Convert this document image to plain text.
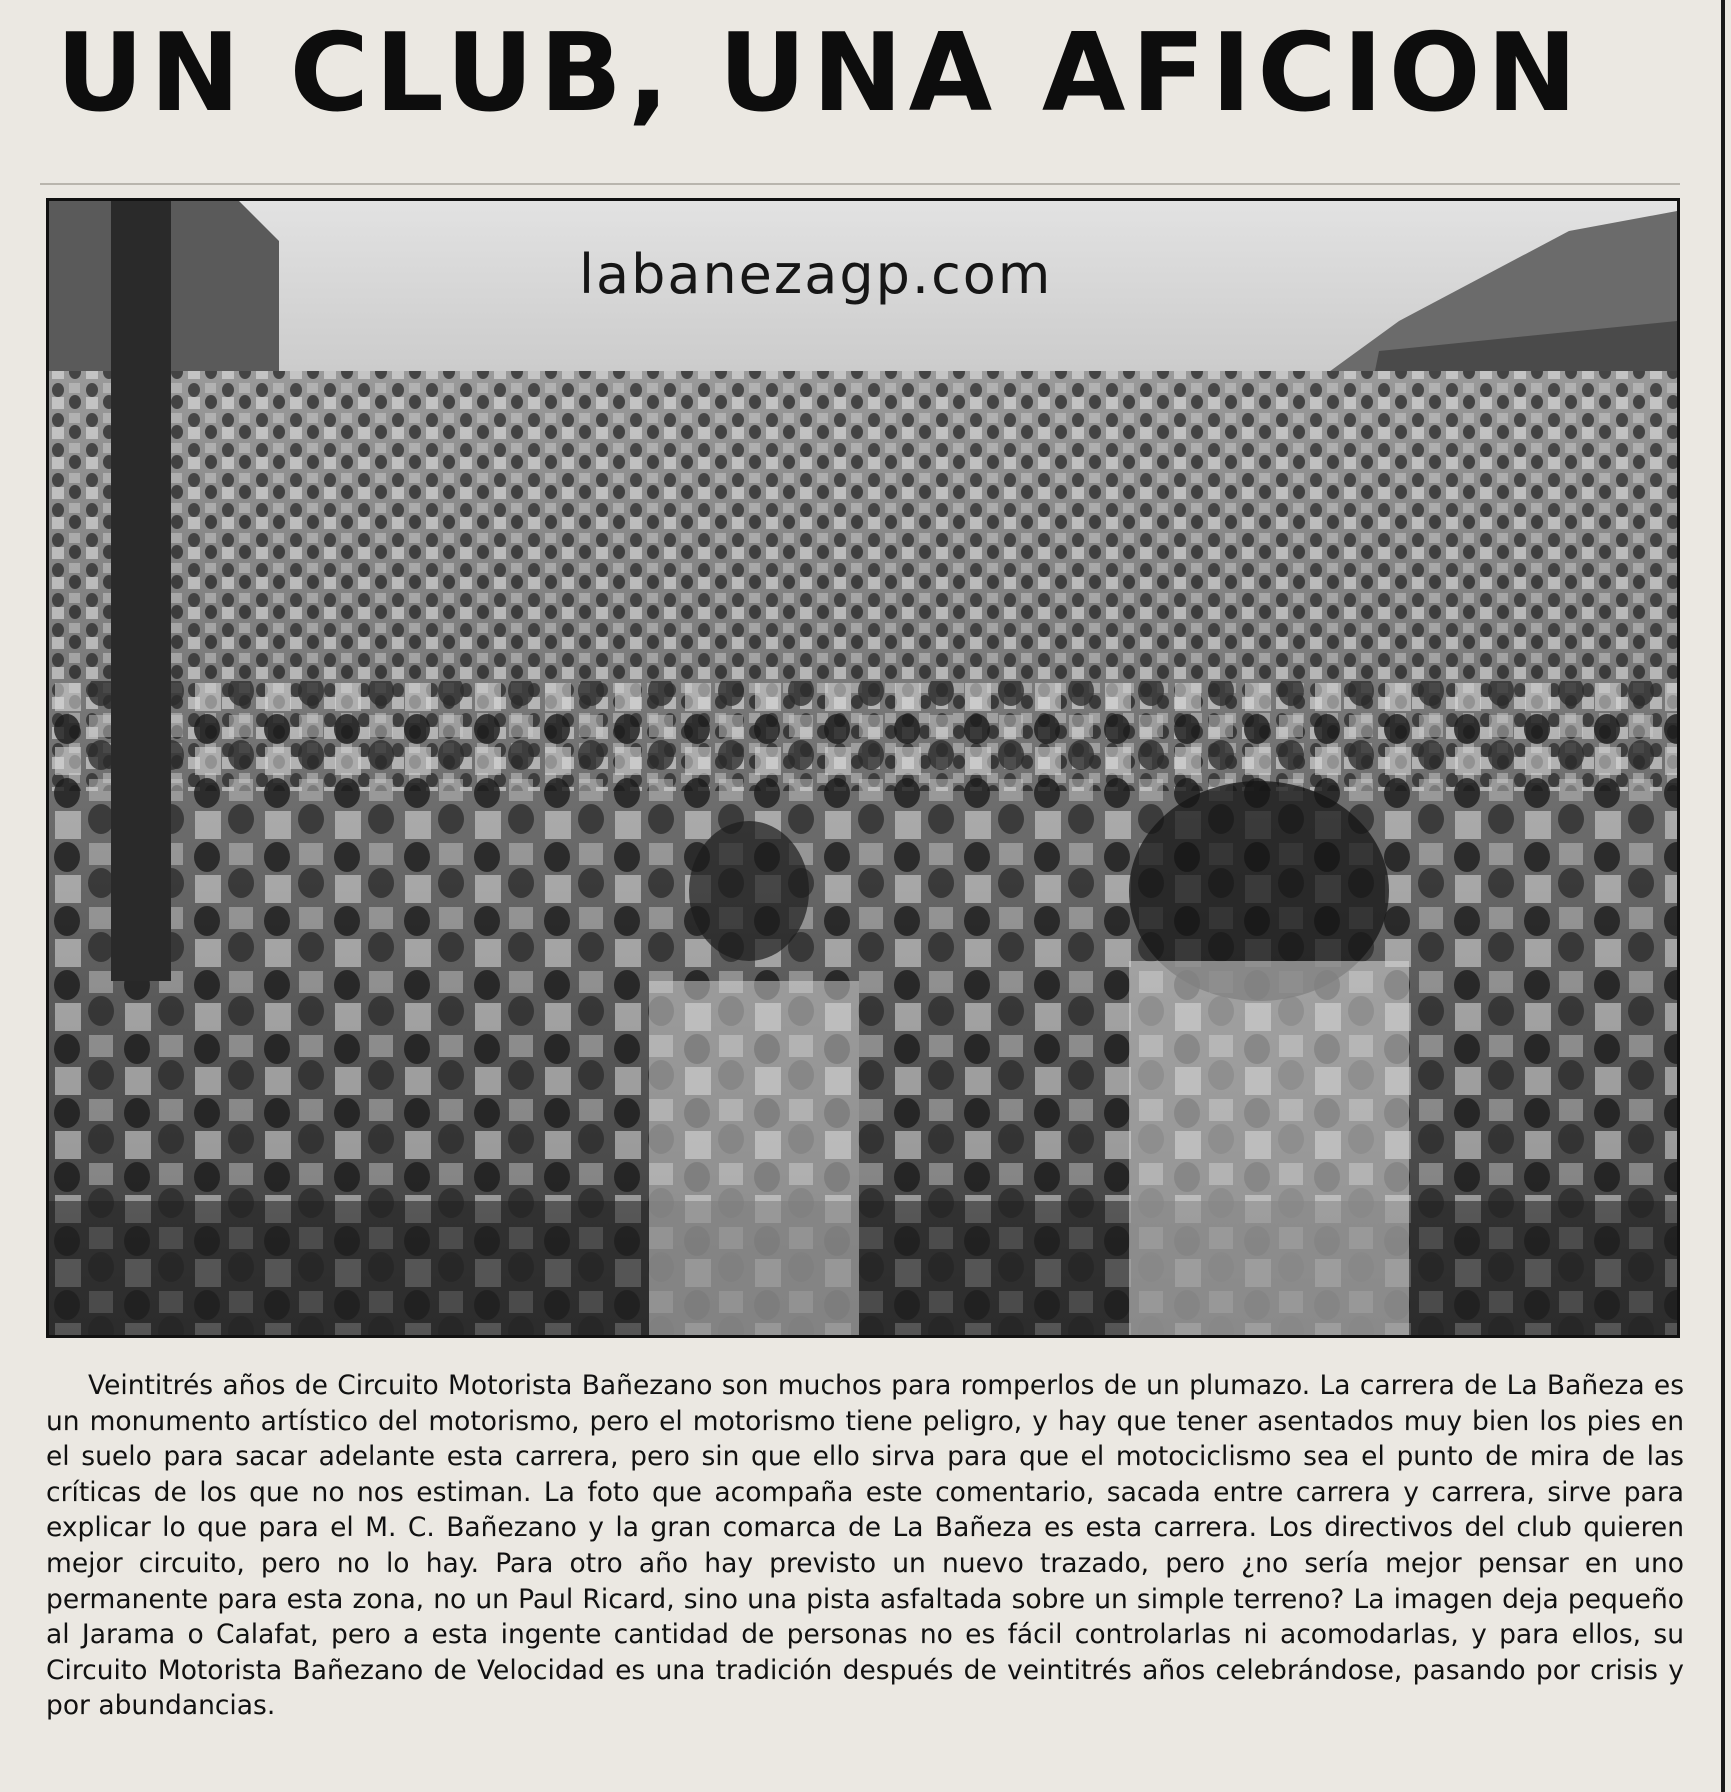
UN CLUB, UNA AFICION
labanezagp.com

Veintitrés años de Circuito Motorista Bañezano son muchos para romperlos de un plumazo. La carrera de La Bañeza es un monumento artístico del motorismo, pero el motorismo tiene peligro, y hay que tener asentados muy bien los pies en el suelo para sacar adelante esta carrera, pero sin que ello sirva para que el motociclismo sea el punto de mira de las críticas de los que no nos estiman. La foto que acompaña este comentario, sacada entre carrera y carrera, sirve para explicar lo que para el M. C. Bañezano y la gran comarca de La Bañeza es esta carrera. Los directivos del club quieren mejor circuito, pero no lo hay. Para otro año hay previsto un nuevo trazado, pero ¿no sería mejor pensar en uno permanente para esta zona, no un Paul Ricard, sino una pista asfaltada sobre un simple terreno? La imagen deja pequeño al Jarama o Calafat, pero a esta ingente cantidad de personas no es fácil controlarlas ni acomodarlas, y para ellos, su Circuito Motorista Bañezano de Velocidad es una tradición después de veintitrés años celebrándose, pasando por crisis y por abundancias.
